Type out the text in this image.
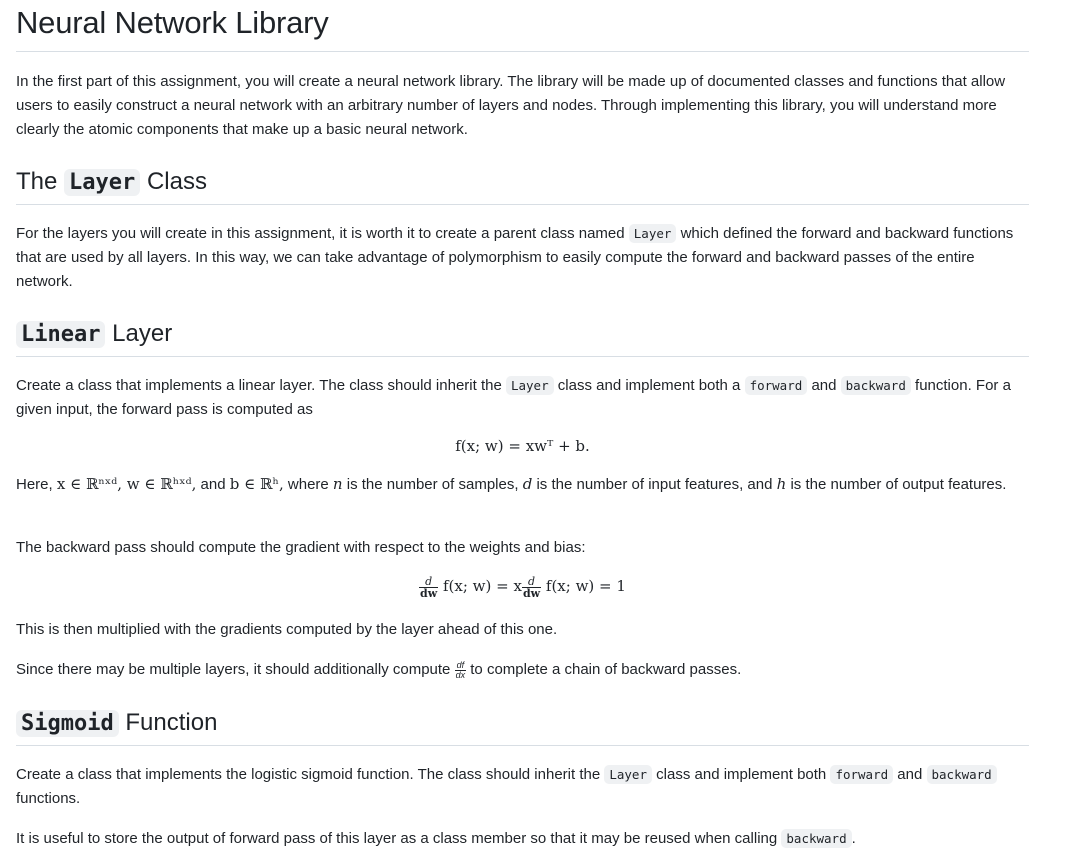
Neural Network Library

In the first part of this assignment, you will create a neural network library. The library will be made up of documented classes and functions that allow users to easily construct a neural network with an arbitrary number of layers and nodes. Through implementing this library, you will understand more clearly the atomic components that make up a basic neural network.

The Layer Class

For the layers you will create in this assignment, it is worth it to create a parent class named Layer which defined the forward and backward functions that are used by all layers. In this way, we can take advantage of polymorphism to easily compute the forward and backward passes of the entire network.

Linear Layer

Create a class that implements a linear layer. The class should inherit the Layer class and implement both a forward and backward function. For a given input, the forward pass is computed as

f(x; w) = xwᵀ + b.

Here, x ∈ ℝⁿˣᵈ, w ∈ ℝʰˣᵈ, and b ∈ ℝʰ, where n is the number of samples, d is the number of input features, and h is the number of output features.

The backward pass should compute the gradient with respect to the weights and bias:

$\frac{d}{dw} f(x$; w) = x $\frac{d}{dw} f(x$; w) = 1

This is then multiplied with the gradients computed by the layer ahead of this one.

Since there may be multiple layers, it should additionally compute $\frac{df}{dx}$ to complete a chain of backward passes.

Sigmoid Function

Create a class that implements the logistic sigmoid function. The class should inherit the Layer class and implement both forward and backward functions.

It is useful to store the output of forward pass of this layer as a class member so that it may be reused when calling backward .
